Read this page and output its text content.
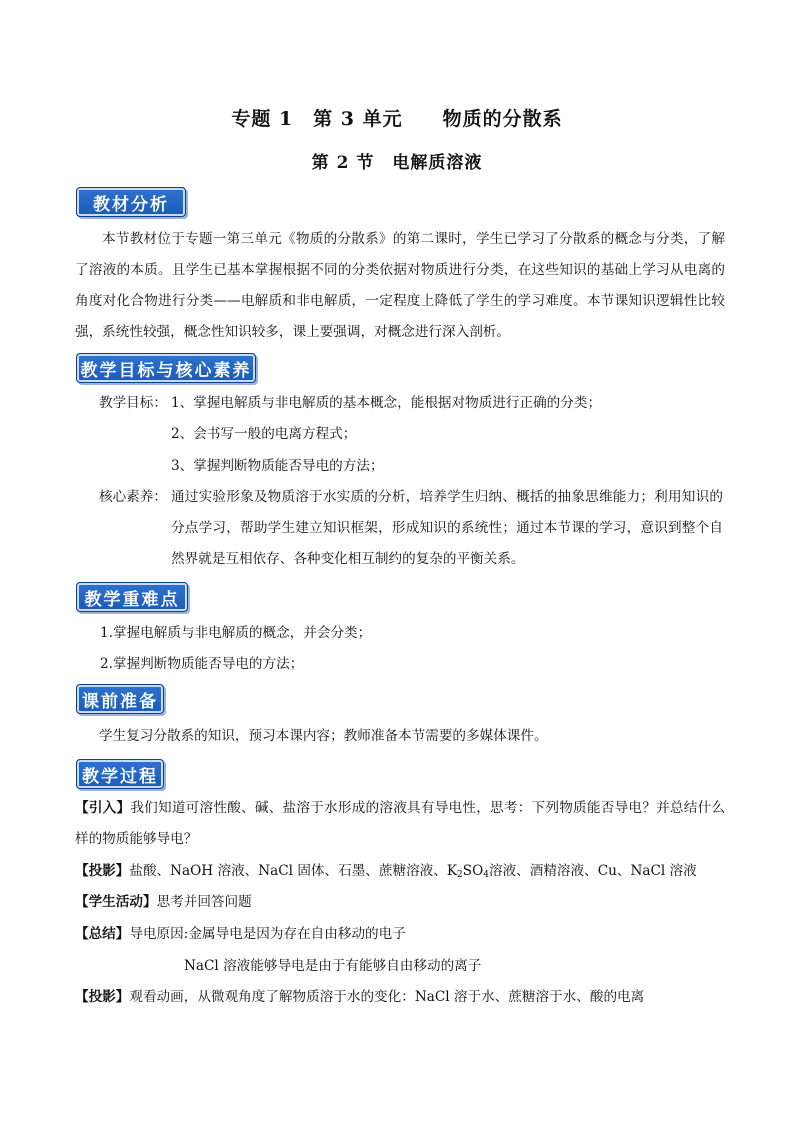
专题 1　第 3 单元　　物质的分散系
第 2 节　电解质溶液
教材分析
本节教材位于专题一第三单元《物质的分散系》的第二课时，学生已学习了分散系的概念与分类，了解了溶液的本质。且学生已基本掌握根据不同的分类依据对物质进行分类，在这些知识的基础上学习从电离的角度对化合物进行分类——电解质和非电解质，一定程度上降低了学生的学习难度。本节课知识逻辑性比较强，系统性较强，概念性知识较多，课上要强调，对概念进行深入剖析。
教学目标与核心素养
教学目标： 1、掌握电解质与非电解质的基本概念，能根据对物质进行正确的分类；
2、会书写一般的电离方程式；
3、掌握判断物质能否导电的方法；
核心素养： 通过实验形象及物质溶于水实质的分析，培养学生归纳、概括的抽象思维能力；利用知识的分点学习，帮助学生建立知识框架，形成知识的系统性；通过本节课的学习，意识到整个自然界就是互相依存、各种变化相互制约的复杂的平衡关系。
教学重难点
1.掌握电解质与非电解质的概念，并会分类；
2.掌握判断物质能否导电的方法；
课前准备
学生复习分散系的知识，预习本课内容；教师准备本节需要的多媒体课件。
教学过程
【引入】我们知道可溶性酸、碱、盐溶于水形成的溶液具有导电性，思考：下列物质能否导电？并总结什么样的物质能够导电？
【投影】盐酸、NaOH 溶液、NaCl 固体、石墨、蔗糖溶液、$K_2SO_4$溶液、酒精溶液、Cu、NaCl 溶液
【学生活动】思考并回答问题
【总结】导电原因:金属导电是因为存在自由移动的电子
NaCl 溶液能够导电是由于有能够自由移动的离子
【投影】观看动画，从微观角度了解物质溶于水的变化：NaCl 溶于水、蔗糖溶于水、酸的电离
